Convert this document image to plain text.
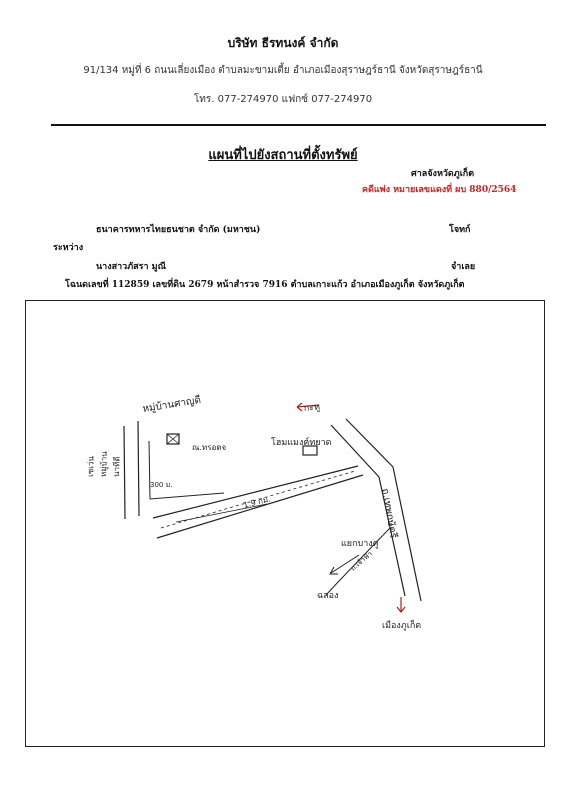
บริษัท ธีรทนงค์ จำกัด
91/134 หมู่ที่ 6 ถนนเลี่ยงเมือง ตำบลมะขามเตี้ย อำเภอเมืองสุราษฎร์ธานี จังหวัดสุราษฎร์ธานี
โทร. 077-274970 แฟกซ์ 077-274970
แผนที่ไปยังสถานที่ตั้งทรัพย์
ศาลจังหวัดภูเก็ต
คดีแพ่ง หมายเลขแดงที่ ผบ 880/2564
ธนาคารทหารไทยธนชาต จำกัด (มหาชน)	โจทก์
ระหว่าง
นางสาวภัสรา มูณี	จำเลย
โฉนดเลขที่ 112859 เลขที่ดิน 2679 หน้าสำรวจ 7916 ตำบลเกาะแก้ว อำเภอเมืองภูเก็ต จังหวัดภูเก็ต
หมู่บ้านศาญดี
ณ.ทรอดจ
300 ม.
1.9 กม.
โฮมแมงฅ์ทยาด
กะทู
ถ.เทพกษัตรี
แยกบางคู
ถ.เจ้าฟ้า
ฉลอง
เมืองภูเก็ต
เซเว่น หมู่บ้าน นาทีดี
